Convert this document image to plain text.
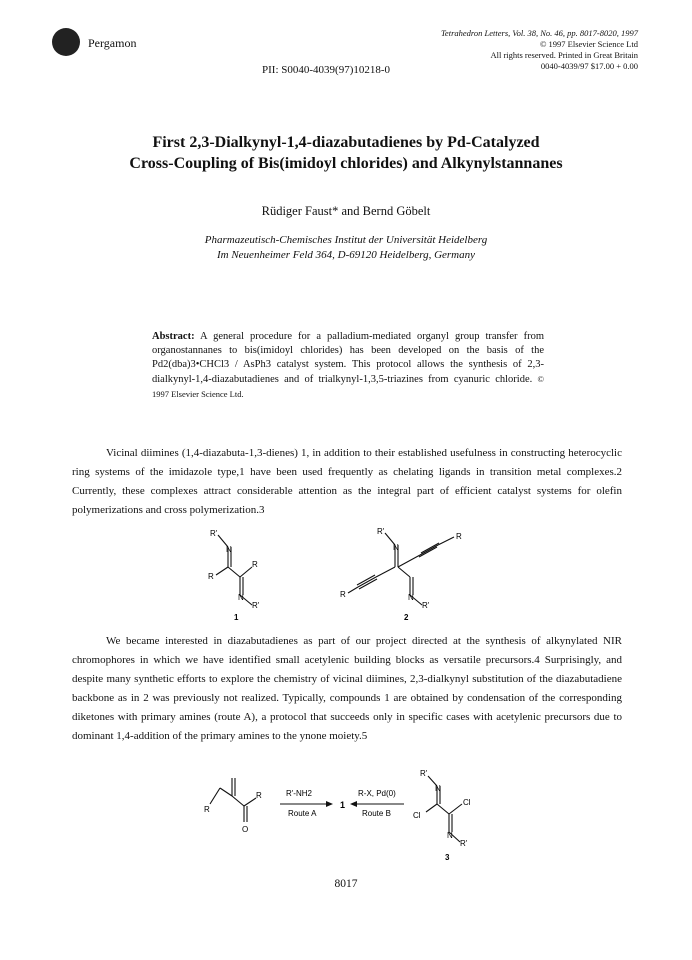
Pergamon
Tetrahedron Letters, Vol. 38, No. 46, pp. 8017-8020, 1997
© 1997 Elsevier Science Ltd
All rights reserved. Printed in Great Britain
0040-4039/97 $17.00 + 0.00
PII: S0040-4039(97)10218-0
First 2,3-Dialkynyl-1,4-diazabutadienes by Pd-Catalyzed
Cross-Coupling of Bis(imidoyl chlorides) and Alkynylstannanes
Rüdiger Faust* and Bernd Göbelt
Pharmazeutisch-Chemisches Institut der Universität Heidelberg
Im Neuenheimer Feld 364, D-69120 Heidelberg, Germany
Abstract: A general procedure for a palladium-mediated organyl group transfer from organostannanes to bis(imidoyl chlorides) has been developed on the basis of the Pd2(dba)3•CHCl3 / AsPh3 catalyst system. This protocol allows the synthesis of 2,3-dialkynyl-1,4-diazabutadienes and of trialkynyl-1,3,5-triazines from cyanuric chloride. © 1997 Elsevier Science Ltd.
Vicinal diimines (1,4-diazabuta-1,3-dienes) 1, in addition to their established usefulness in constructing heterocyclic ring systems of the imidazole type,1 have been used frequently as chelating ligands in transition metal complexes.2 Currently, these complexes attract considerable attention as the integral part of efficient catalyst systems for olefin polymerizations and cross polymerization.3
R'
N
R
R
N
R'
1
R'
N
R
R	N
R'
2
We became interested in diazabutadienes as part of our project directed at the synthesis of alkynylated NIR chromophores in which we have identified small acetylenic building blocks as versatile precursors.4 Surprisingly, and despite many synthetic efforts to explore the chemistry of vicinal diimines, 2,3-dialkynyl substitution of the diazabutadiene backbone as in 2 was previously not realized. Typically, compounds 1 are obtained by condensation of the corresponding diketones with primary amines (route A), a protocol that succeeds only in specific cases with acetylenic precursors due to dominant 1,4-addition of the primary amines to the ynone moiety.5
R
R
O
R'-NH2
Route A
1
R-X, Pd(0)
Route B
R'
N
Cl
Cl
N
R'
3
8017
